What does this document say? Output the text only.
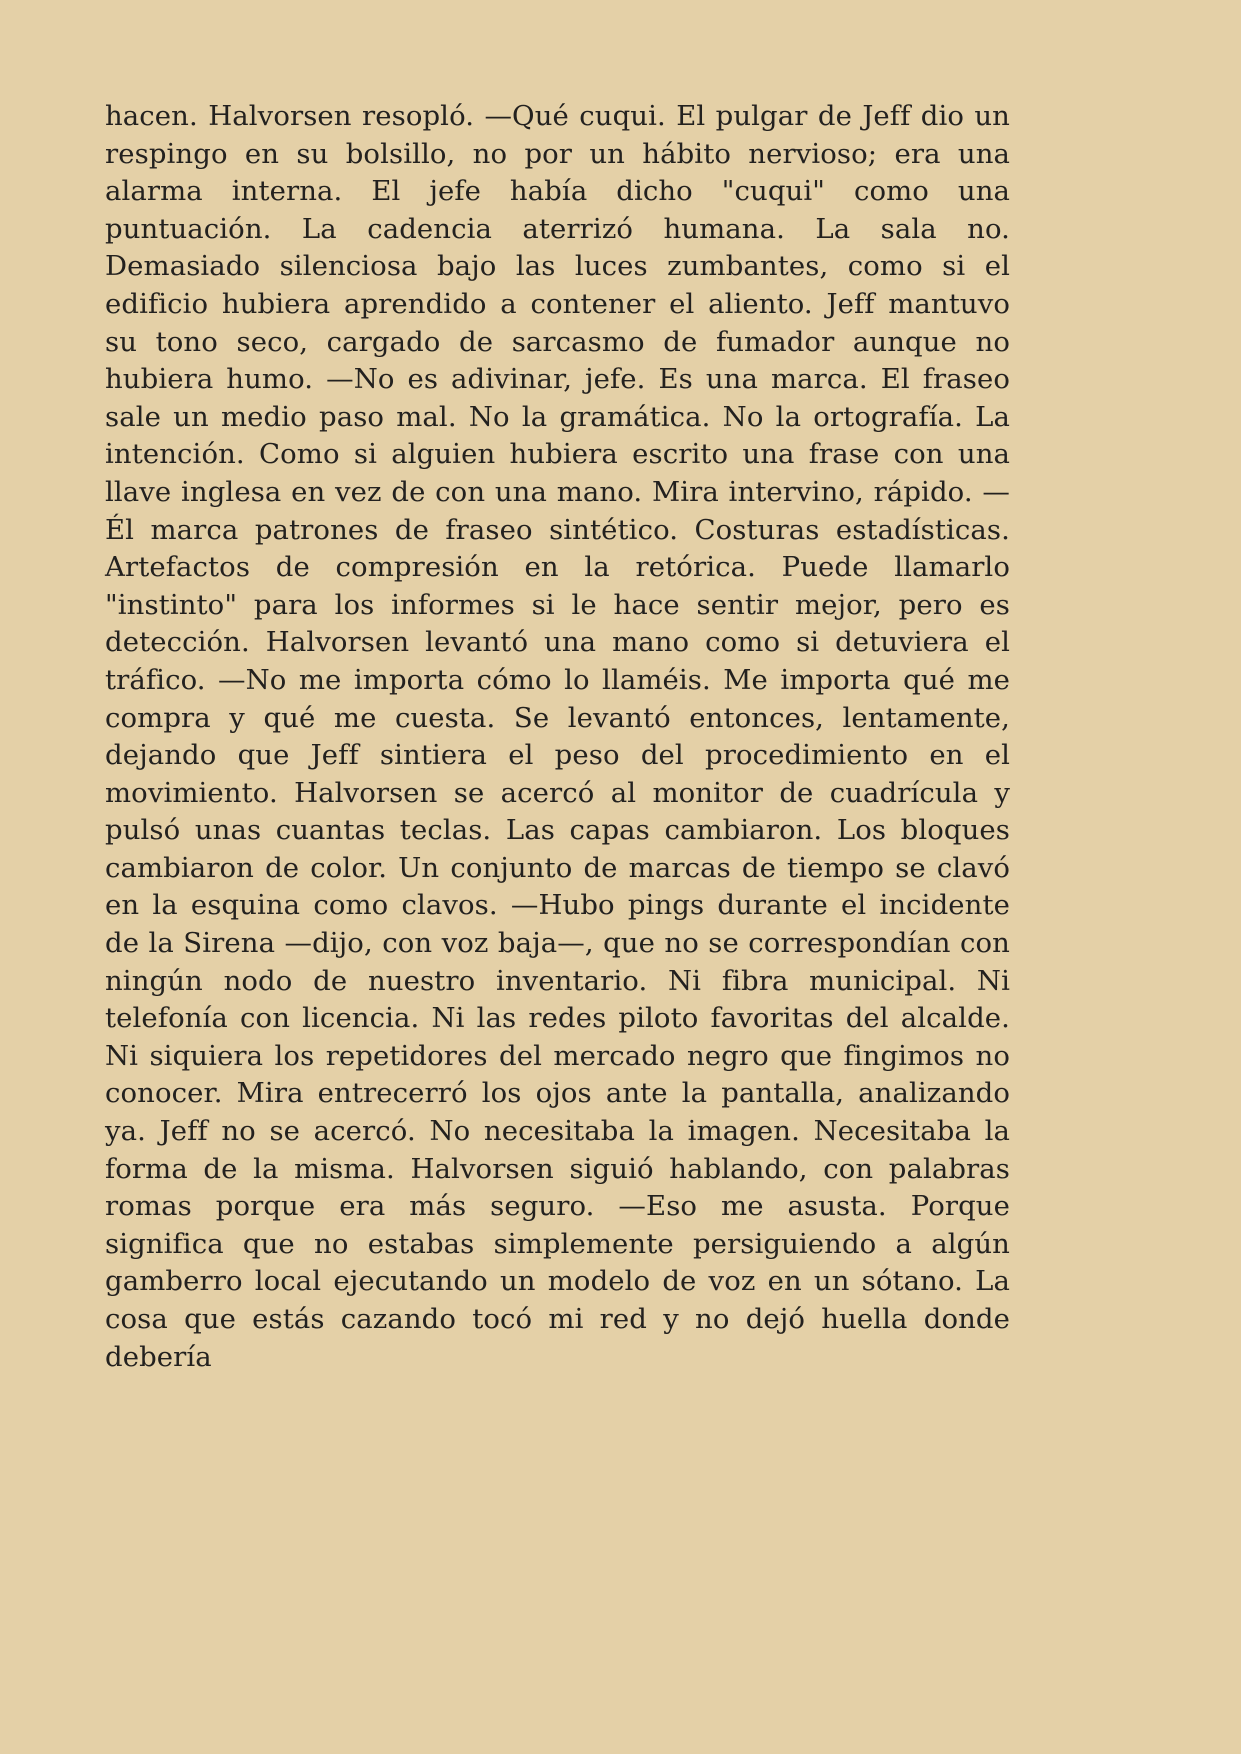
hacen. Halvorsen resopló. —Qué cuqui. El pulgar de Jeff dio un respingo en su bolsillo, no por un hábito nervioso; era una alarma interna. El jefe había dicho "cuqui" como una puntuación. La cadencia aterrizó humana. La sala no. Demasiado silenciosa bajo las luces zumbantes, como si el edificio hubiera aprendido a contener el aliento. Jeff mantuvo su tono seco, cargado de sarcasmo de fumador aunque no hubiera humo. —No es adivinar, jefe. Es una marca. El fraseo sale un medio paso mal. No la gramática. No la ortografía. La intención. Como si alguien hubiera escrito una frase con una llave inglesa en vez de con una mano. Mira intervino, rápido. —Él marca patrones de fraseo sintético. Costuras estadísticas. Artefactos de compresión en la retórica. Puede llamarlo "instinto" para los informes si le hace sentir mejor, pero es detección. Halvorsen levantó una mano como si detuviera el tráfico. —No me importa cómo lo llaméis. Me importa qué me compra y qué me cuesta. Se levantó entonces, lentamente, dejando que Jeff sintiera el peso del procedimiento en el movimiento. Halvorsen se acercó al monitor de cuadrícula y pulsó unas cuantas teclas. Las capas cambiaron. Los bloques cambiaron de color. Un conjunto de marcas de tiempo se clavó en la esquina como clavos. —Hubo pings durante el incidente de la Sirena —dijo, con voz baja—, que no se correspondían con ningún nodo de nuestro inventario. Ni fibra municipal. Ni telefonía con licencia. Ni las redes piloto favoritas del alcalde. Ni siquiera los repetidores del mercado negro que fingimos no conocer. Mira entrecerró los ojos ante la pantalla, analizando ya. Jeff no se acercó. No necesitaba la imagen. Necesitaba la forma de la misma. Halvorsen siguió hablando, con palabras romas porque era más seguro. —Eso me asusta. Porque significa que no estabas simplemente persiguiendo a algún gamberro local ejecutando un modelo de voz en un sótano. La cosa que estás cazando tocó mi red y no dejó huella donde debería
